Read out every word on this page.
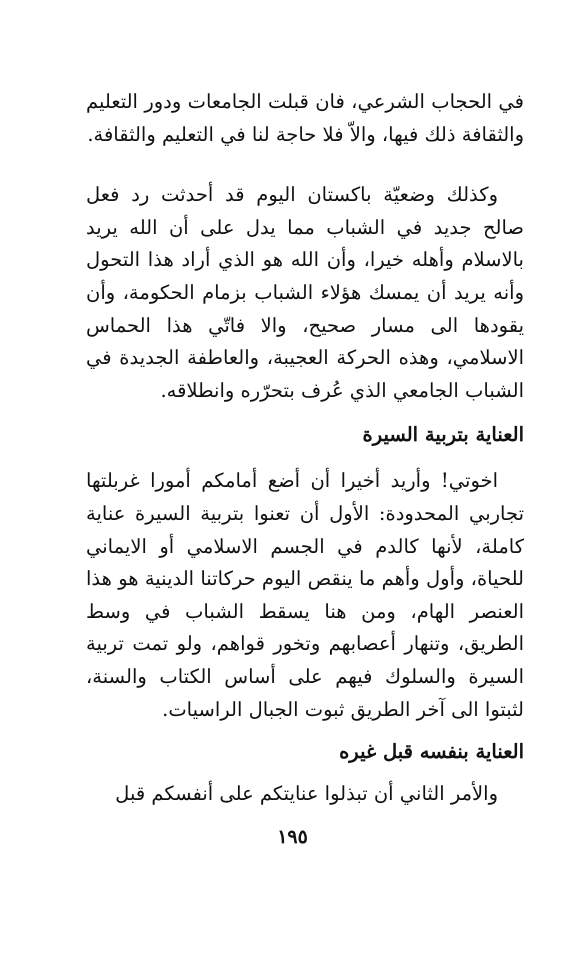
في الحجاب الشرعي، فان قبلت الجامعات ودور التعليم والثقافة ذلك فيها، والاّ فلا حاجة لنا في التعليم والثقافة.

وكذلك وضعيّة باكستان اليوم قد أحدثت رد فعل صالح جديد في الشباب مما يدل على أن الله يريد بالاسلام وأهله خيرا، وأن الله هو الذي أراد هذا التحول وأنه يريد أن يمسك هؤلاء الشباب بزمام الحكومة، وأن يقودها الى مسار صحيح، والا فاتّي هذا الحماس الاسلامي، وهذه الحركة العجيبة، والعاطفة الجديدة في الشباب الجامعي الذي عُرف بتحرّره وانطلاقه.

العناية بتربية السيرة

اخوتي! وأريد أخيرا أن أضع أمامكم أمورا غربلتها تجاربي المحدودة: الأول أن تعنوا بتربية السيرة عناية كاملة، لأنها كالدم في الجسم الاسلامي أو الايماني للحياة، وأول وأهم ما ينقص اليوم حركاتنا الدينية هو هذا العنصر الهام، ومن هنا يسقط الشباب في وسط الطريق، وتنهار أعصابهم وتخور قواهم، ولو تمت تربية السيرة والسلوك فيهم على أساس الكتاب والسنة، لثبتوا الى آخر الطريق ثبوت الجبال الراسيات.

العناية بنفسه قبل غيره

والأمر الثاني أن تبذلوا عنايتكم على أنفسكم قبل

١٩٥
